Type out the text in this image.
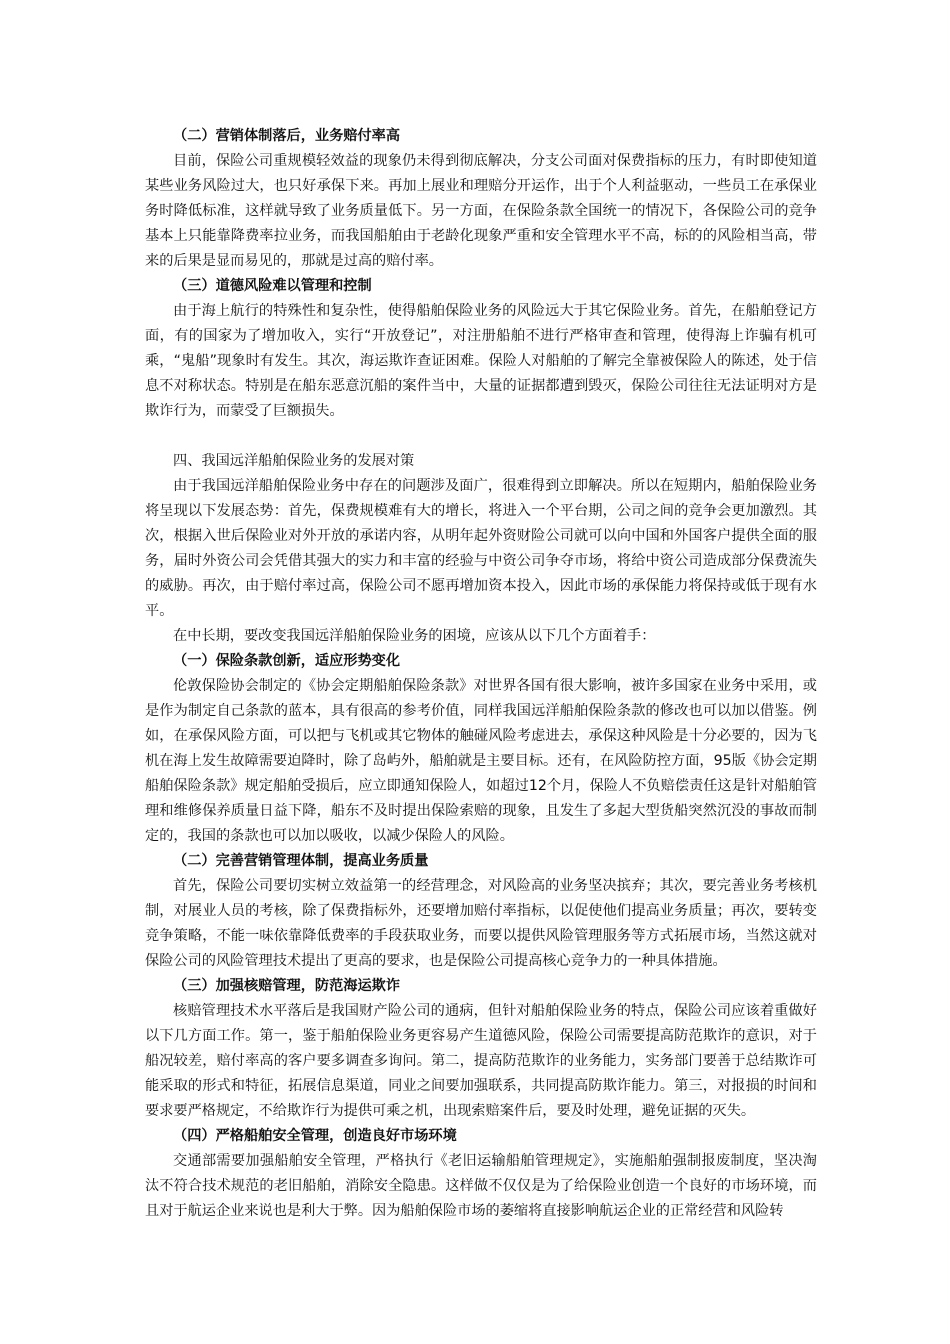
（二）营销体制落后，业务赔付率高

目前，保险公司重规模轻效益的现象仍未得到彻底解决，分支公司面对保费指标的压力，有时即使知道某些业务风险过大，也只好承保下来。再加上展业和理赔分开运作，出于个人利益驱动，一些员工在承保业务时降低标准，这样就导致了业务质量低下。另一方面，在保险条款全国统一的情况下，各保险公司的竞争基本上只能靠降费率拉业务，而我国船舶由于老龄化现象严重和安全管理水平不高，标的的风险相当高，带来的后果是显而易见的，那就是过高的赔付率。

（三）道德风险难以管理和控制

由于海上航行的特殊性和复杂性，使得船舶保险业务的风险远大于其它保险业务。首先，在船舶登记方面，有的国家为了增加收入，实行“开放登记”，对注册船舶不进行严格审查和管理，使得海上诈骗有机可乘，“鬼船”现象时有发生。其次，海运欺诈查证困难。保险人对船舶的了解完全靠被保险人的陈述，处于信息不对称状态。特别是在船东恶意沉船的案件当中，大量的证据都遭到毁灭，保险公司往往无法证明对方是欺诈行为，而蒙受了巨额损失。

四、我国远洋船舶保险业务的发展对策

由于我国远洋船舶保险业务中存在的问题涉及面广，很难得到立即解决。所以在短期内，船舶保险业务将呈现以下发展态势：首先，保费规模难有大的增长，将进入一个平台期，公司之间的竞争会更加激烈。其次，根据入世后保险业对外开放的承诺内容，从明年起外资财险公司就可以向中国和外国客户提供全面的服务，届时外资公司会凭借其强大的实力和丰富的经验与中资公司争夺市场，将给中资公司造成部分保费流失的威胁。再次，由于赔付率过高，保险公司不愿再增加资本投入，因此市场的承保能力将保持或低于现有水平。

在中长期，要改变我国远洋船舶保险业务的困境，应该从以下几个方面着手：

（一）保险条款创新，适应形势变化

伦敦保险协会制定的《协会定期船舶保险条款》对世界各国有很大影响，被许多国家在业务中采用，或是作为制定自己条款的蓝本，具有很高的参考价值，同样我国远洋船舶保险条款的修改也可以加以借鉴。例如，在承保风险方面，可以把与飞机或其它物体的触碰风险考虑进去，承保这种风险是十分必要的，因为飞机在海上发生故障需要迫降时，除了岛屿外，船舶就是主要目标。还有，在风险防控方面，95版《协会定期船舶保险条款》规定船舶受损后，应立即通知保险人，如超过12个月，保险人不负赔偿责任这是针对船舶管理和维修保养质量日益下降，船东不及时提出保险索赔的现象，且发生了多起大型货船突然沉没的事故而制定的，我国的条款也可以加以吸收，以减少保险人的风险。

（二）完善营销管理体制，提高业务质量

首先，保险公司要切实树立效益第一的经营理念，对风险高的业务坚决摈弃；其次，要完善业务考核机制，对展业人员的考核，除了保费指标外，还要增加赔付率指标，以促使他们提高业务质量；再次，要转变竞争策略，不能一味依靠降低费率的手段获取业务，而要以提供风险管理服务等方式拓展市场，当然这就对保险公司的风险管理技术提出了更高的要求，也是保险公司提高核心竞争力的一种具体措施。

（三）加强核赔管理，防范海运欺诈

核赔管理技术水平落后是我国财产险公司的通病，但针对船舶保险业务的特点，保险公司应该着重做好以下几方面工作。第一，鉴于船舶保险业务更容易产生道德风险，保险公司需要提高防范欺诈的意识，对于船况较差，赔付率高的客户要多调查多询问。第二，提高防范欺诈的业务能力，实务部门要善于总结欺诈可能采取的形式和特征，拓展信息渠道，同业之间要加强联系，共同提高防欺诈能力。第三，对报损的时间和要求要严格规定，不给欺诈行为提供可乘之机，出现索赔案件后，要及时处理，避免证据的灭失。

（四）严格船舶安全管理，创造良好市场环境

交通部需要加强船舶安全管理，严格执行《老旧运输船舶管理规定》，实施船舶强制报废制度，坚决淘汰不符合技术规范的老旧船舶，消除安全隐患。这样做不仅仅是为了给保险业创造一个良好的市场环境，而且对于航运企业来说也是利大于弊。因为船舶保险市场的萎缩将直接影响航运企业的正常经营和风险转
